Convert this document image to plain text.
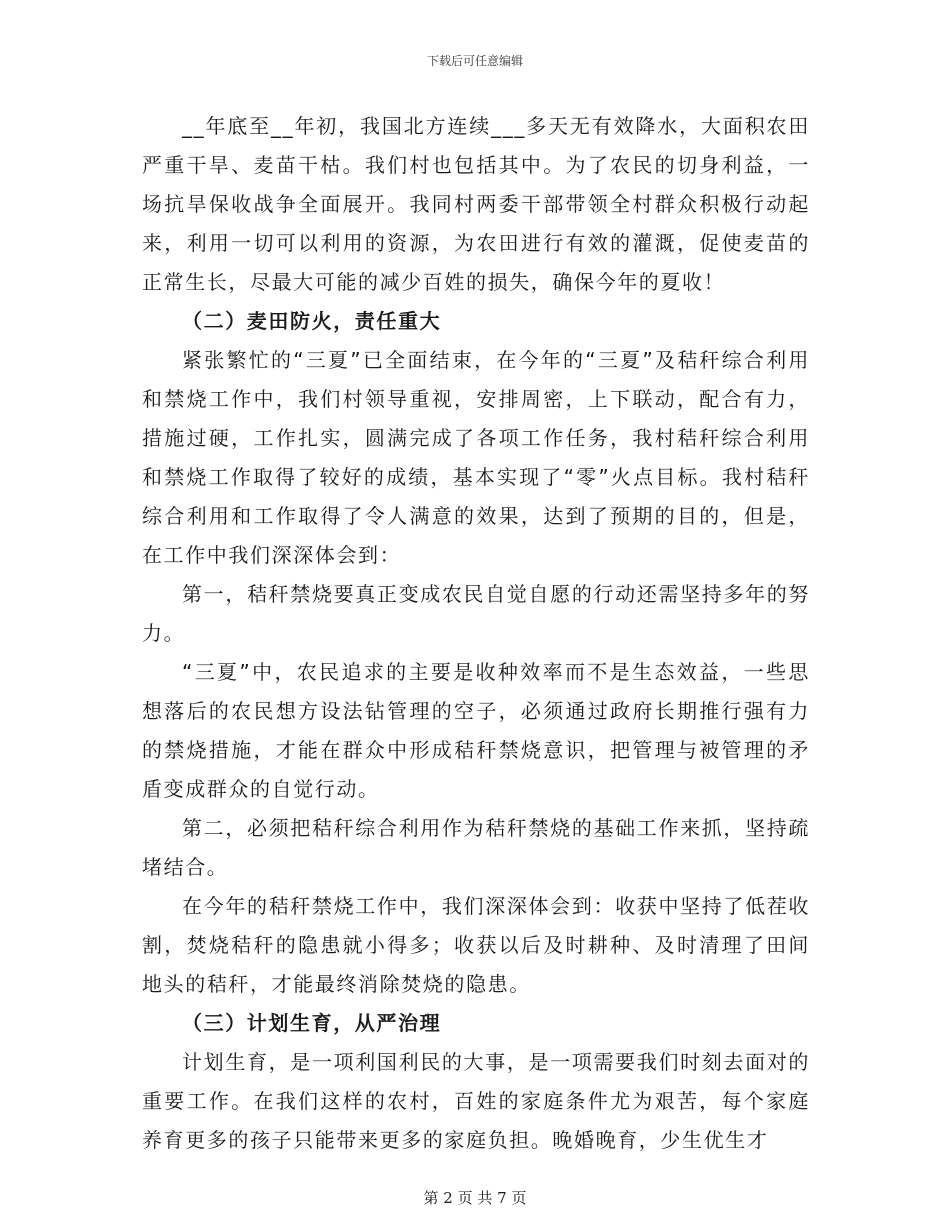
下载后可任意编辑

__年底至__年初，我国北方连续___多天无有效降水，大面积农田严重干旱、麦苗干枯。我们村也包括其中。为了农民的切身利益，一场抗旱保收战争全面展开。我同村两委干部带领全村群众积极行动起来，利用一切可以利用的资源，为农田进行有效的灌溉，促使麦苗的正常生长，尽最大可能的减少百姓的损失，确保今年的夏收！

（二）麦田防火，责任重大

紧张繁忙的“三夏”已全面结束，在今年的“三夏”及秸秆综合利用和禁烧工作中，我们村领导重视，安排周密，上下联动，配合有力，措施过硬，工作扎实，圆满完成了各项工作任务，我村秸秆综合利用和禁烧工作取得了较好的成绩，基本实现了“零”火点目标。我村秸秆综合利用和工作取得了令人满意的效果，达到了预期的目的，但是，在工作中我们深深体会到：

第一，秸秆禁烧要真正变成农民自觉自愿的行动还需坚持多年的努力。

“三夏”中，农民追求的主要是收种效率而不是生态效益，一些思想落后的农民想方设法钻管理的空子，必须通过政府长期推行强有力的禁烧措施，才能在群众中形成秸秆禁烧意识，把管理与被管理的矛盾变成群众的自觉行动。

第二，必须把秸秆综合利用作为秸秆禁烧的基础工作来抓，坚持疏堵结合。

在今年的秸秆禁烧工作中，我们深深体会到：收获中坚持了低茬收割，焚烧秸秆的隐患就小得多；收获以后及时耕种、及时清理了田间地头的秸秆，才能最终消除焚烧的隐患。

（三）计划生育，从严治理

计划生育，是一项利国利民的大事，是一项需要我们时刻去面对的重要工作。在我们这样的农村，百姓的家庭条件尤为艰苦，每个家庭养育更多的孩子只能带来更多的家庭负担。晚婚晚育，少生优生才

第 2 页 共 7 页
